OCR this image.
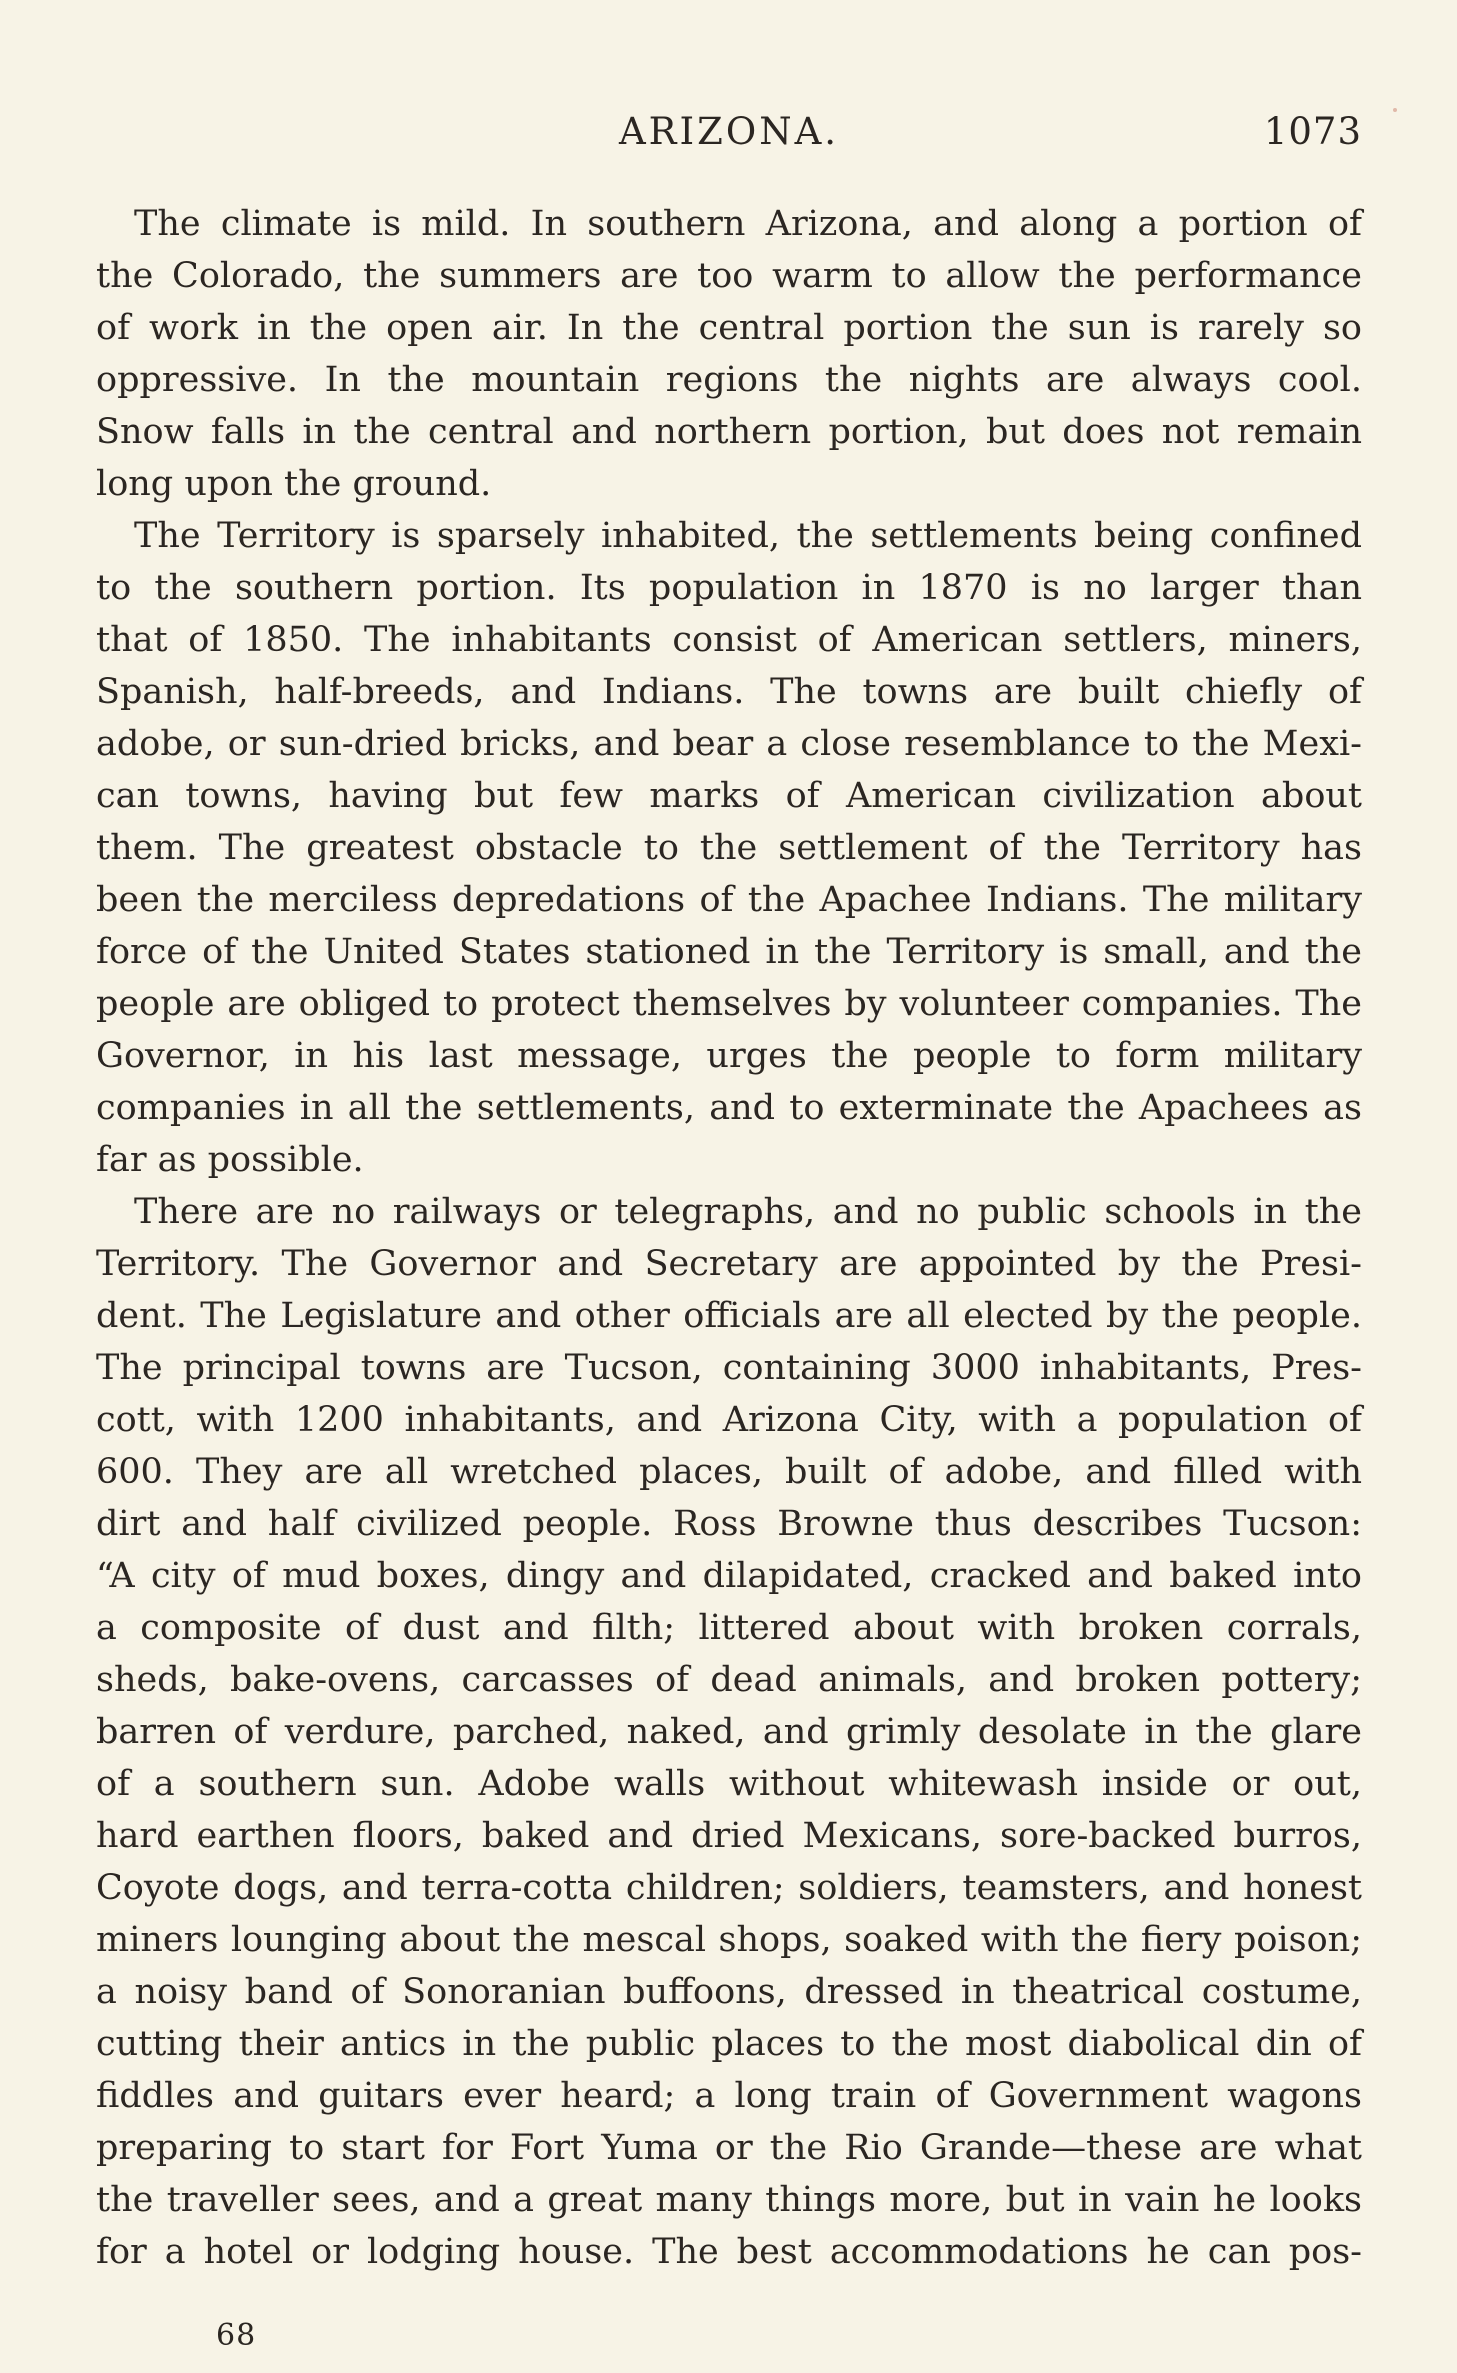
ARIZONA.	1073
The climate is mild. In southern Arizona, and along a portion of
the Colorado, the summers are too warm to allow the performance
of work in the open air. In the central portion the sun is rarely so
oppressive. In the mountain regions the nights are always cool.
Snow falls in the central and northern portion, but does not remain
long upon the ground.
The Territory is sparsely inhabited, the settlements being confined
to the southern portion. Its population in 1870 is no larger than
that of 1850. The inhabitants consist of American settlers, miners,
Spanish, half-breeds, and Indians. The towns are built chiefly of
adobe, or sun-dried bricks, and bear a close resemblance to the Mexi-
can towns, having but few marks of American civilization about
them. The greatest obstacle to the settlement of the Territory has
been the merciless depredations of the Apachee Indians. The military
force of the United States stationed in the Territory is small, and the
people are obliged to protect themselves by volunteer companies. The
Governor, in his last message, urges the people to form military
companies in all the settlements, and to exterminate the Apachees as
far as possible.
There are no railways or telegraphs, and no public schools in the
Territory. The Governor and Secretary are appointed by the Presi-
dent. The Legislature and other officials are all elected by the people.
The principal towns are Tucson, containing 3000 inhabitants, Pres-
cott, with 1200 inhabitants, and Arizona City, with a population of
600. They are all wretched places, built of adobe, and filled with
dirt and half civilized people. Ross Browne thus describes Tucson:
“A city of mud boxes, dingy and dilapidated, cracked and baked into
a composite of dust and filth; littered about with broken corrals,
sheds, bake-ovens, carcasses of dead animals, and broken pottery;
barren of verdure, parched, naked, and grimly desolate in the glare
of a southern sun. Adobe walls without whitewash inside or out,
hard earthen floors, baked and dried Mexicans, sore-backed burros,
Coyote dogs, and terra-cotta children; soldiers, teamsters, and honest
miners lounging about the mescal shops, soaked with the fiery poison;
a noisy band of Sonoranian buffoons, dressed in theatrical costume,
cutting their antics in the public places to the most diabolical din of
fiddles and guitars ever heard; a long train of Government wagons
preparing to start for Fort Yuma or the Rio Grande—these are what
the traveller sees, and a great many things more, but in vain he looks
for a hotel or lodging house. The best accommodations he can pos-
68
